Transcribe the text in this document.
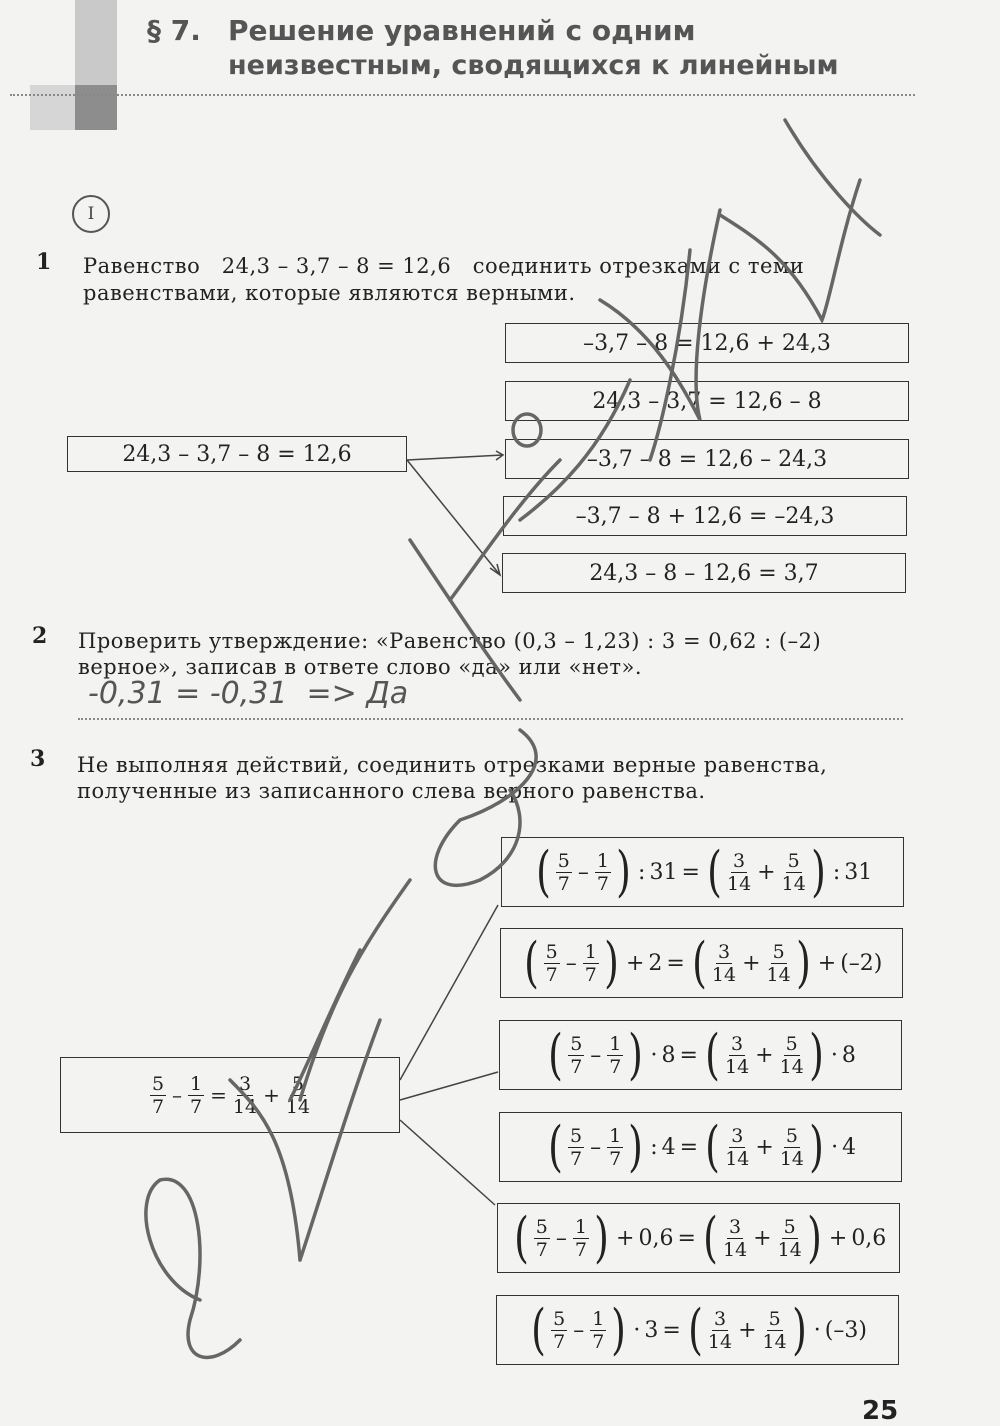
§ 7. Решение уравнений с одним
неизвестным, сводящихся к линейным
I
1 Равенство   24,3 – 3,7 – 8 = 12,6   соединить отрезками с теми
равенствами, которые являются верными.
24,3 – 3,7 – 8 = 12,6
–3,7 – 8 = 12,6 + 24,3
24,3 – 3,7 = 12,6 – 8
–3,7 – 8 = 12,6 – 24,3
–3,7 – 8 + 12,6 = –24,3
24,3 – 8 – 12,6 = 3,7
2 Проверить утверждение: «Равенство (0,3 – 1,23) : 3 = 0,62 : (–2)
верное», записав в ответе слово «да» или «нет».
-0,31 = -0,31  => Да
3 Не выполняя действий, соединить отрезками верные равенства,
полученные из записанного слева верного равенства.
$\frac{5}{7} - \frac{1}{7} = \frac{3}{14} + \frac{5}{14}$
( $\frac{5}{7} - \frac{1}{7}$ ) : 31 = ( $\frac{3}{14} + \frac{5}{14}$ ) : 31
( $\frac{5}{7} - \frac{1}{7}$ ) + 2 = ( $\frac{3}{14} + \frac{5}{14}$ ) + (–2)
( $\frac{5}{7} - \frac{1}{7}$ ) · 8 = ( $\frac{3}{14} + \frac{5}{14}$ ) · 8
( $\frac{5}{7} - \frac{1}{7}$ ) : 4 = ( $\frac{3}{14} + \frac{5}{14}$ ) · 4
( $\frac{5}{7} - \frac{1}{7}$ ) + 0,6 = ( $\frac{3}{14} + \frac{5}{14}$ ) + 0,6
( $\frac{5}{7} - \frac{1}{7}$ ) · 3 = ( $\frac{3}{14} + \frac{5}{14}$ ) · (–3)
25
